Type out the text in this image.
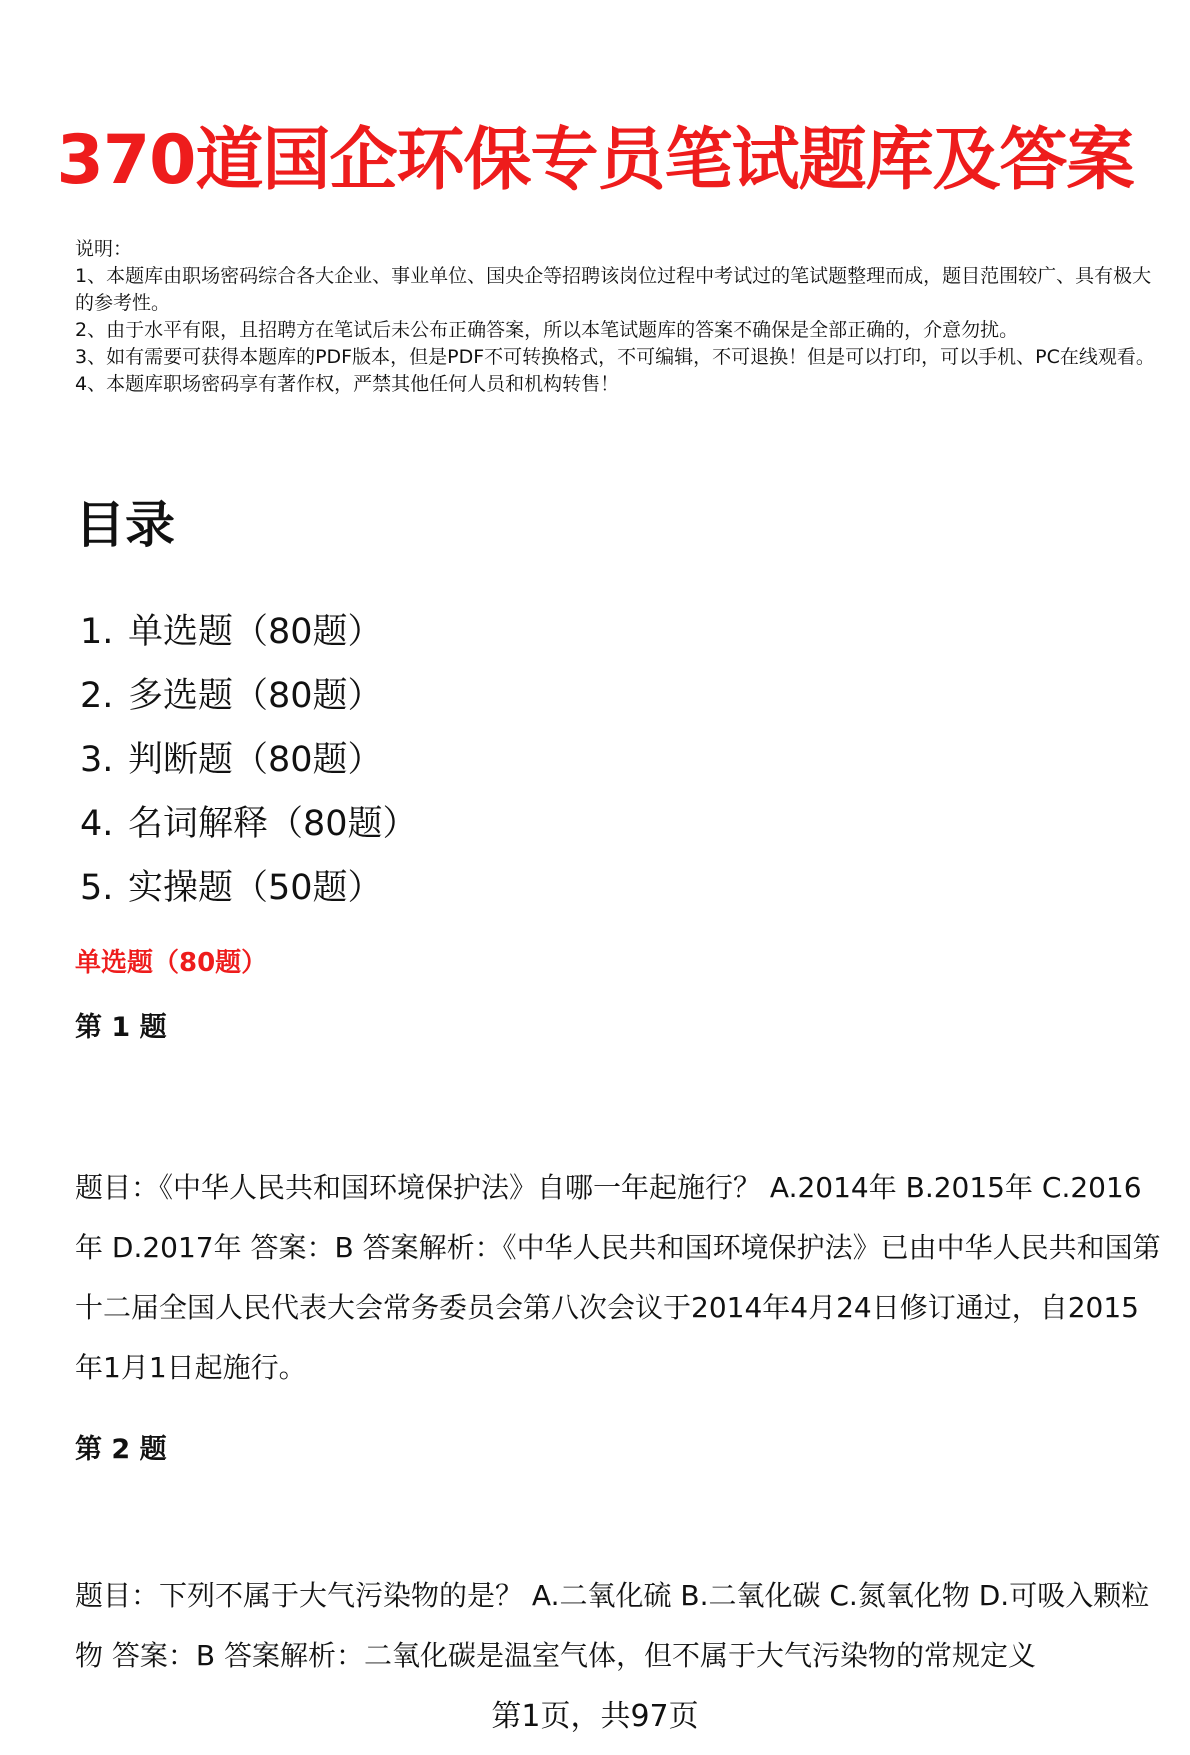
370道国企环保专员笔试题库及答案
说明：
1、本题库由职场密码综合各大企业、事业单位、国央企等招聘该岗位过程中考试过的笔试题整理而成，题目范围较广、具有极大的参考性。
2、由于水平有限，且招聘方在笔试后未公布正确答案，所以本笔试题库的答案不确保是全部正确的，介意勿扰。
3、如有需要可获得本题库的PDF版本，但是PDF不可转换格式，不可编辑，不可退换！但是可以打印，可以手机、PC在线观看。
4、本题库职场密码享有著作权，严禁其他任何人员和机构转售！
目录
1. 单选题（80题）
2. 多选题（80题）
3. 判断题（80题）
4. 名词解释（80题）
5. 实操题（50题）
单选题（80题）
第 1 题
题目：《中华人民共和国环境保护法》自哪一年起施行？ A.2014年 B.2015年 C.2016年 D.2017年 答案：B 答案解析：《中华人民共和国环境保护法》已由中华人民共和国第十二届全国人民代表大会常务委员会第八次会议于2014年4月24日修订通过，自2015年1月1日起施行。
第 2 题
题目：下列不属于大气污染物的是？ A.二氧化硫 B.二氧化碳 C.氮氧化物 D.可吸入颗粒物 答案：B 答案解析：二氧化碳是温室气体，但不属于大气污染物的常规定义
第1页，共97页
